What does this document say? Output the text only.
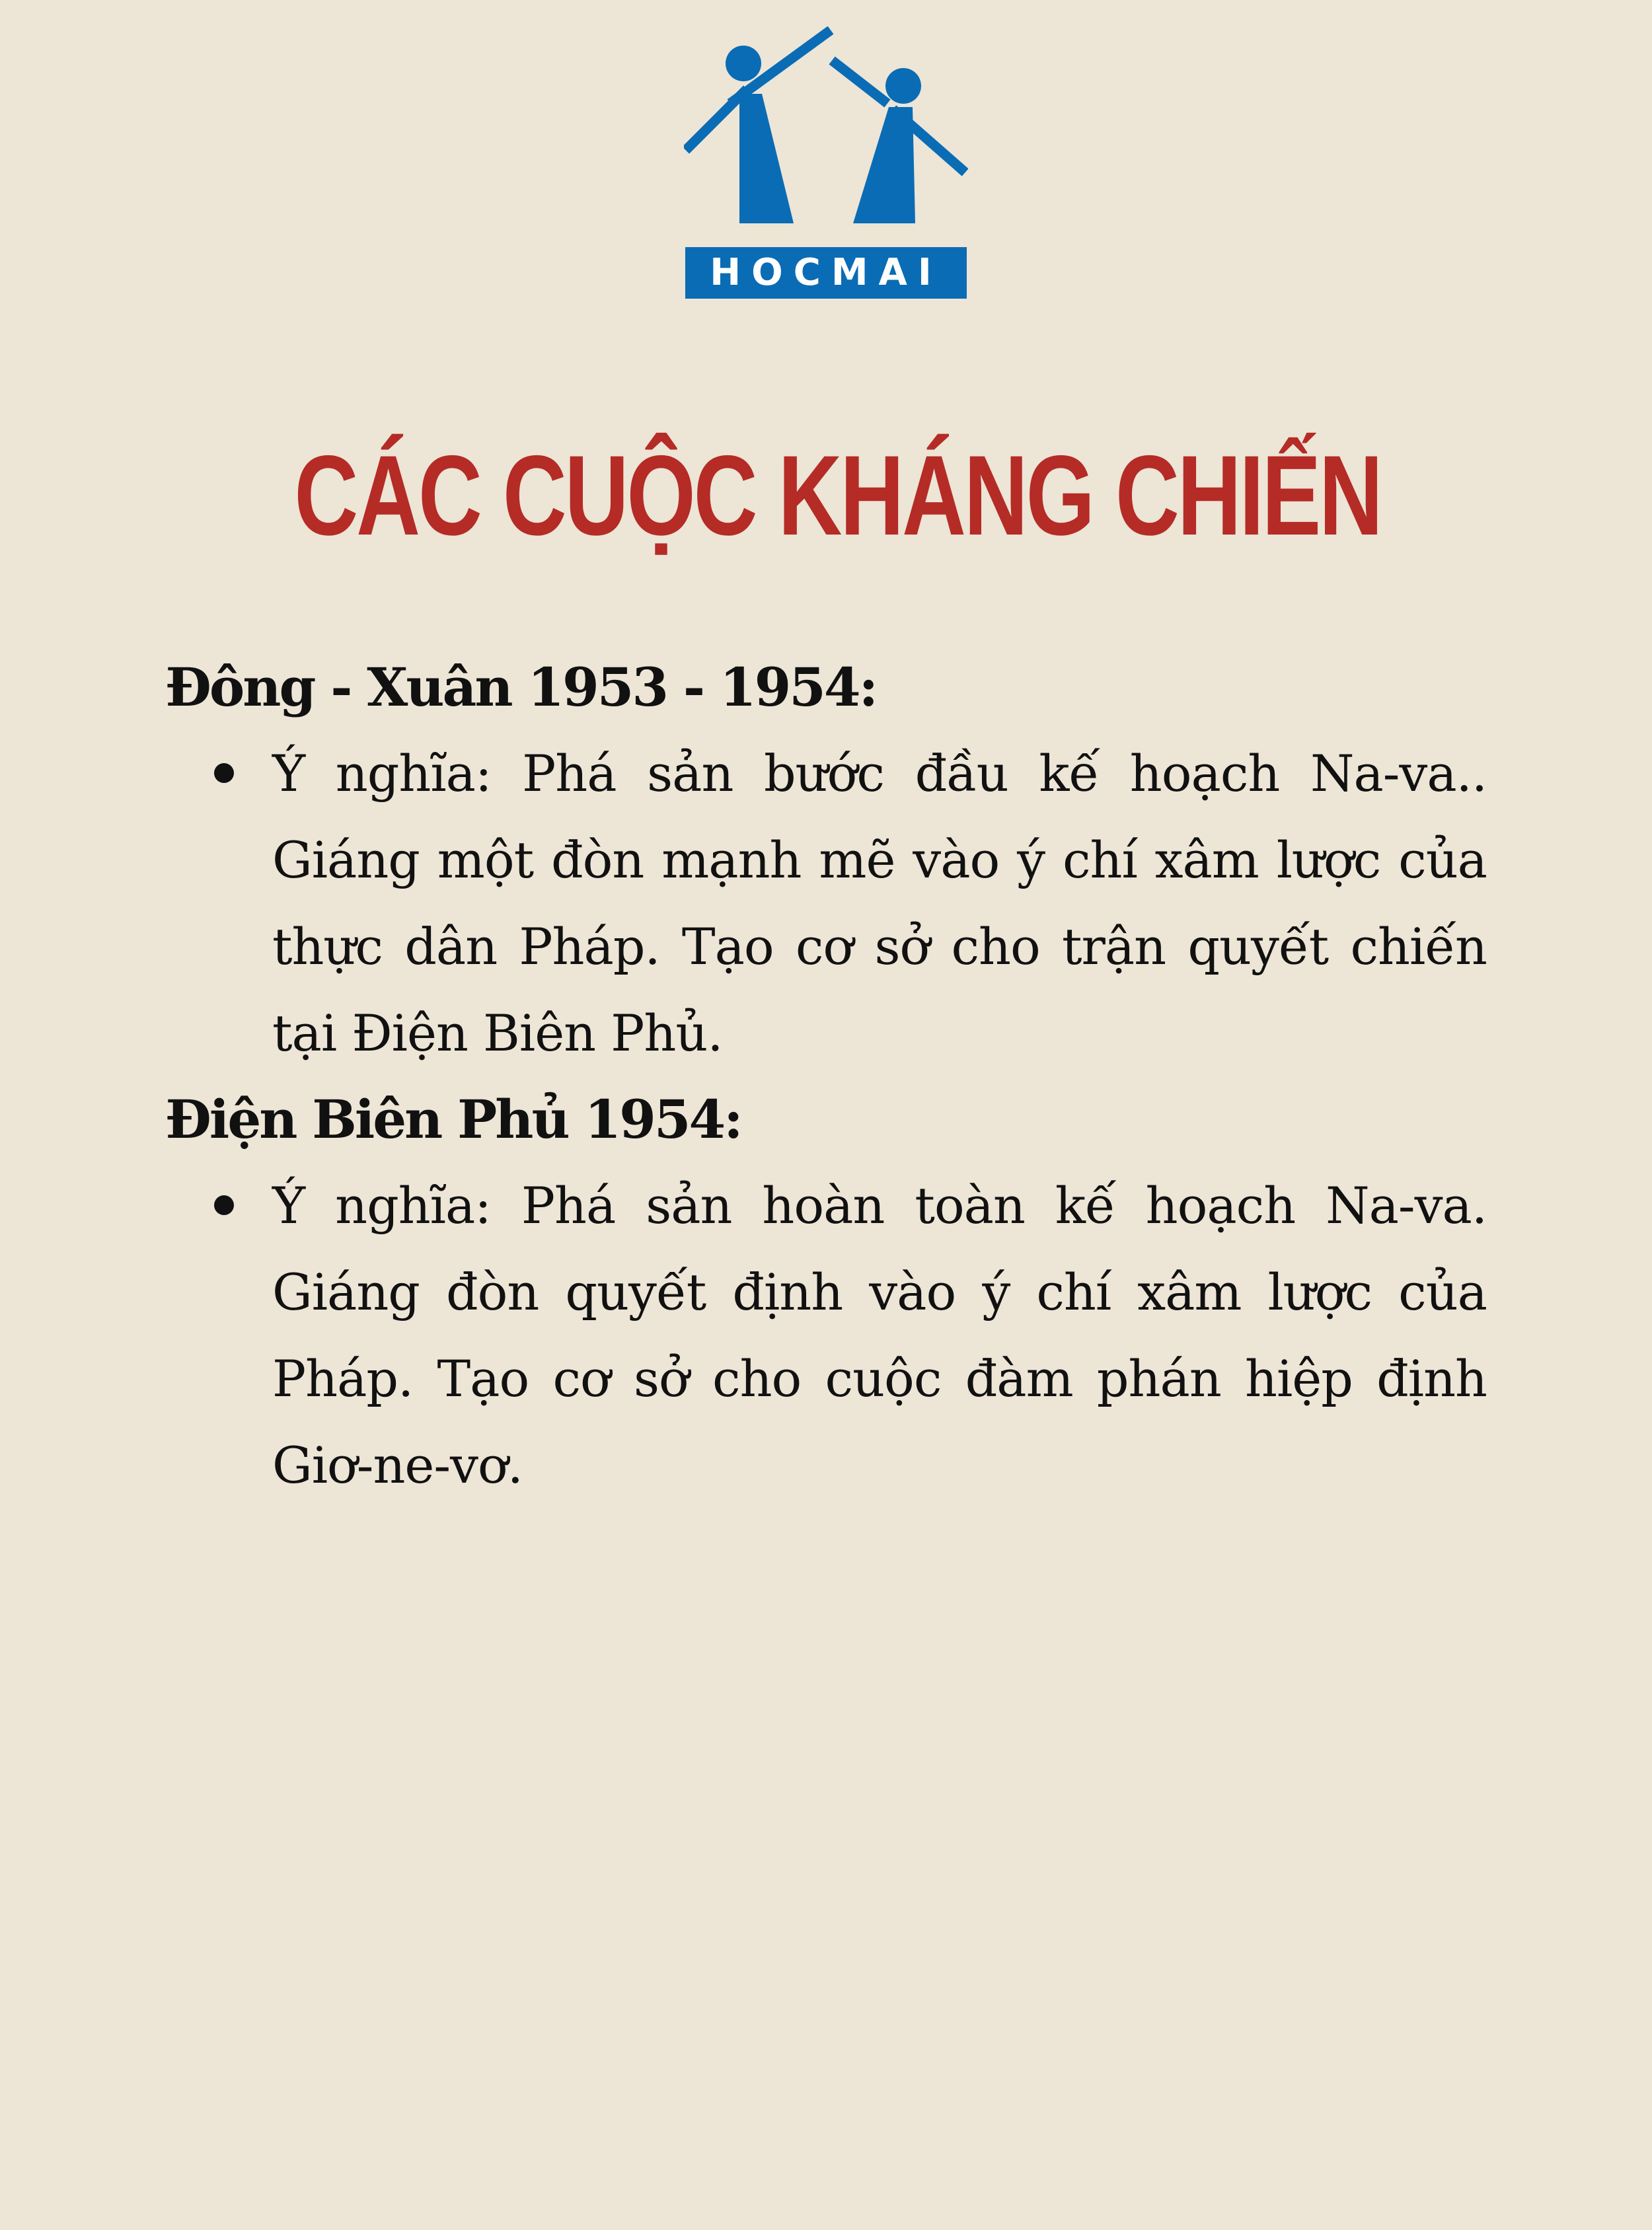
HOCMAI
CÁC CUỘC KHÁNG CHIẾN

Đông - Xuân 1953 - 1954:

Ý nghĩa: Phá sản bước đầu kế hoạch Na-va.. Giáng một đòn mạnh mẽ vào ý chí xâm lược của thực dân Pháp. Tạo cơ sở cho trận quyết chiến tại Điện Biên Phủ.

Điện Biên Phủ 1954:

Ý nghĩa: Phá sản hoàn toàn kế hoạch Na-va. Giáng đòn quyết định vào ý chí xâm lược của Pháp. Tạo cơ sở cho cuộc đàm phán hiệp định Giơ-ne-vơ.
